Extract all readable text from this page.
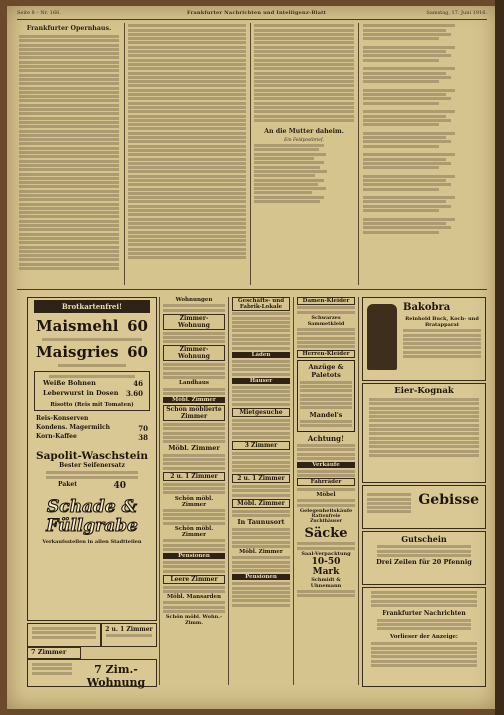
Seite 8 – Nr. 166.	Frankfurter Nachrichten und Intelligenz-Blatt	Samstag, 17. Juni 1916.
Frankfurter Opernhaus.
An die Mutter daheim.
Ein Feldpostbrief.
Brotkartenfrei!
Maismehl 60
Maisgries 60
Weiße Bohnen	46
Leberwurst in Dosen 3.60
Risotto (Reis mit Tomaten)
Reis-Konserven
Kondens. Magermilch	70
Korn-Kaffee	38
Sapolit-Waschstein
Bester Seifenersatz
Paket	40
Schade & Füllgrabe
Verkaufsstellen in allen Stadtteilen
2 u. 1 Zimmer
7 Zimmer
7 Zim.-Wohnung
Wohnungen
Zimmer-Wohnung
Zimmer-Wohnung
Landhaus
Möbl. Zimmer
Schön möblierte Zimmer
Möbl. Zimmer
2 u. 1 Zimmer
Schön möbl. Zimmer
Schön möbl. Zimmer
Pensionen
Leere Zimmer
Möbl. Mansarden
Schön möbl. Wohn.-Zimm.
Geschäfts- und Fabrik-Lokale
Läden
Häuser
Mietgesuche
3 Zimmer
2 u. 1 Zimmer
Möbl. Zimmer
In Taunusort
Möbl. Zimmer
Pensionen
Damen-Kleider
Schwarzes Sammetkleid
Herren-Kleider
Anzüge & Paletots
Mandel's
Achtung!
Verkäufe
Fahrräder
Möbel
Gelegenheitskäufe
Rattenfreie Zuchthäuser
Säcke
Saal-Verpacktung
10-50 Mark
Schmidt & Uhnemann
Bakobra
Reinhold Buck, Koch- und Bratapparat
Eier-Kognak
Gebisse
Gutschein
Drei Zeilen für 20 Pfennig
Frankfurter Nachrichten
Vorlieser der Anzeige:
